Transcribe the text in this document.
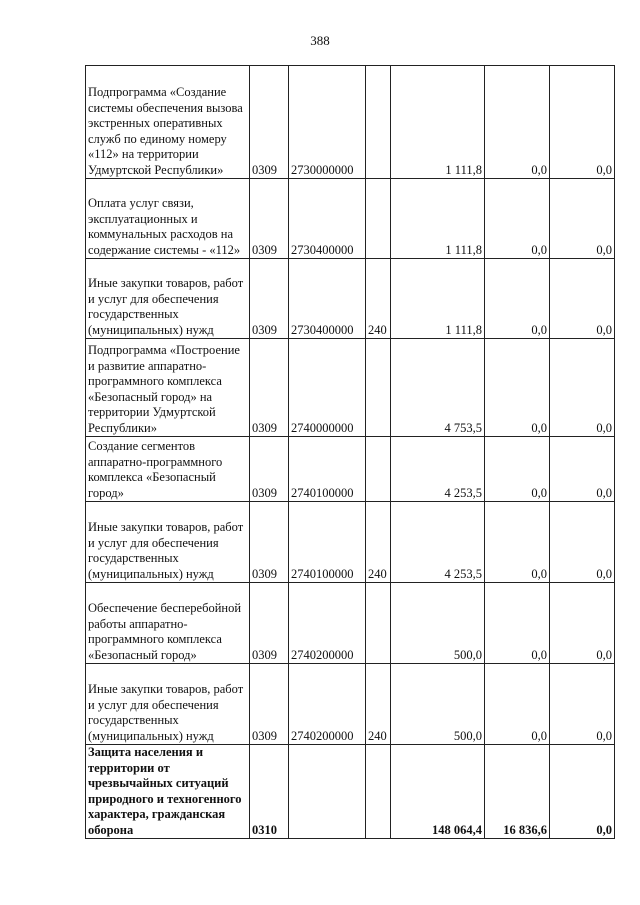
388
Подпрограмма «Создание системы обеспечения вызова экстренных оперативных служб по единому номеру «112» на территории Удмуртской Республики»	0309	2730000000		1 111,8	0,0	0,0
Оплата услуг связи, эксплуатационных и коммунальных расходов на содержание системы - «112»	0309	2730400000		1 111,8	0,0	0,0
Иные закупки товаров, работ и услуг для обеспечения государственных (муниципальных) нужд	0309	2730400000	240	1 111,8	0,0	0,0
Подпрограмма «Построение и развитие аппаратно-программного комплекса «Безопасный город» на территории Удмуртской Республики»	0309	2740000000		4 753,5	0,0	0,0
Создание сегментов аппаратно-программного комплекса «Безопасный город»	0309	2740100000		4 253,5	0,0	0,0
Иные закупки товаров, работ и услуг для обеспечения государственных (муниципальных) нужд	0309	2740100000	240	4 253,5	0,0	0,0
Обеспечение бесперебойной работы аппаратно-программного комплекса «Безопасный город»	0309	2740200000		500,0	0,0	0,0
Иные закупки товаров, работ и услуг для обеспечения государственных (муниципальных) нужд	0309	2740200000	240	500,0	0,0	0,0
Защита населения и территории от чрезвычайных ситуаций природного и техногенного характера, гражданская оборона	0310			148 064,4	16 836,6	0,0
